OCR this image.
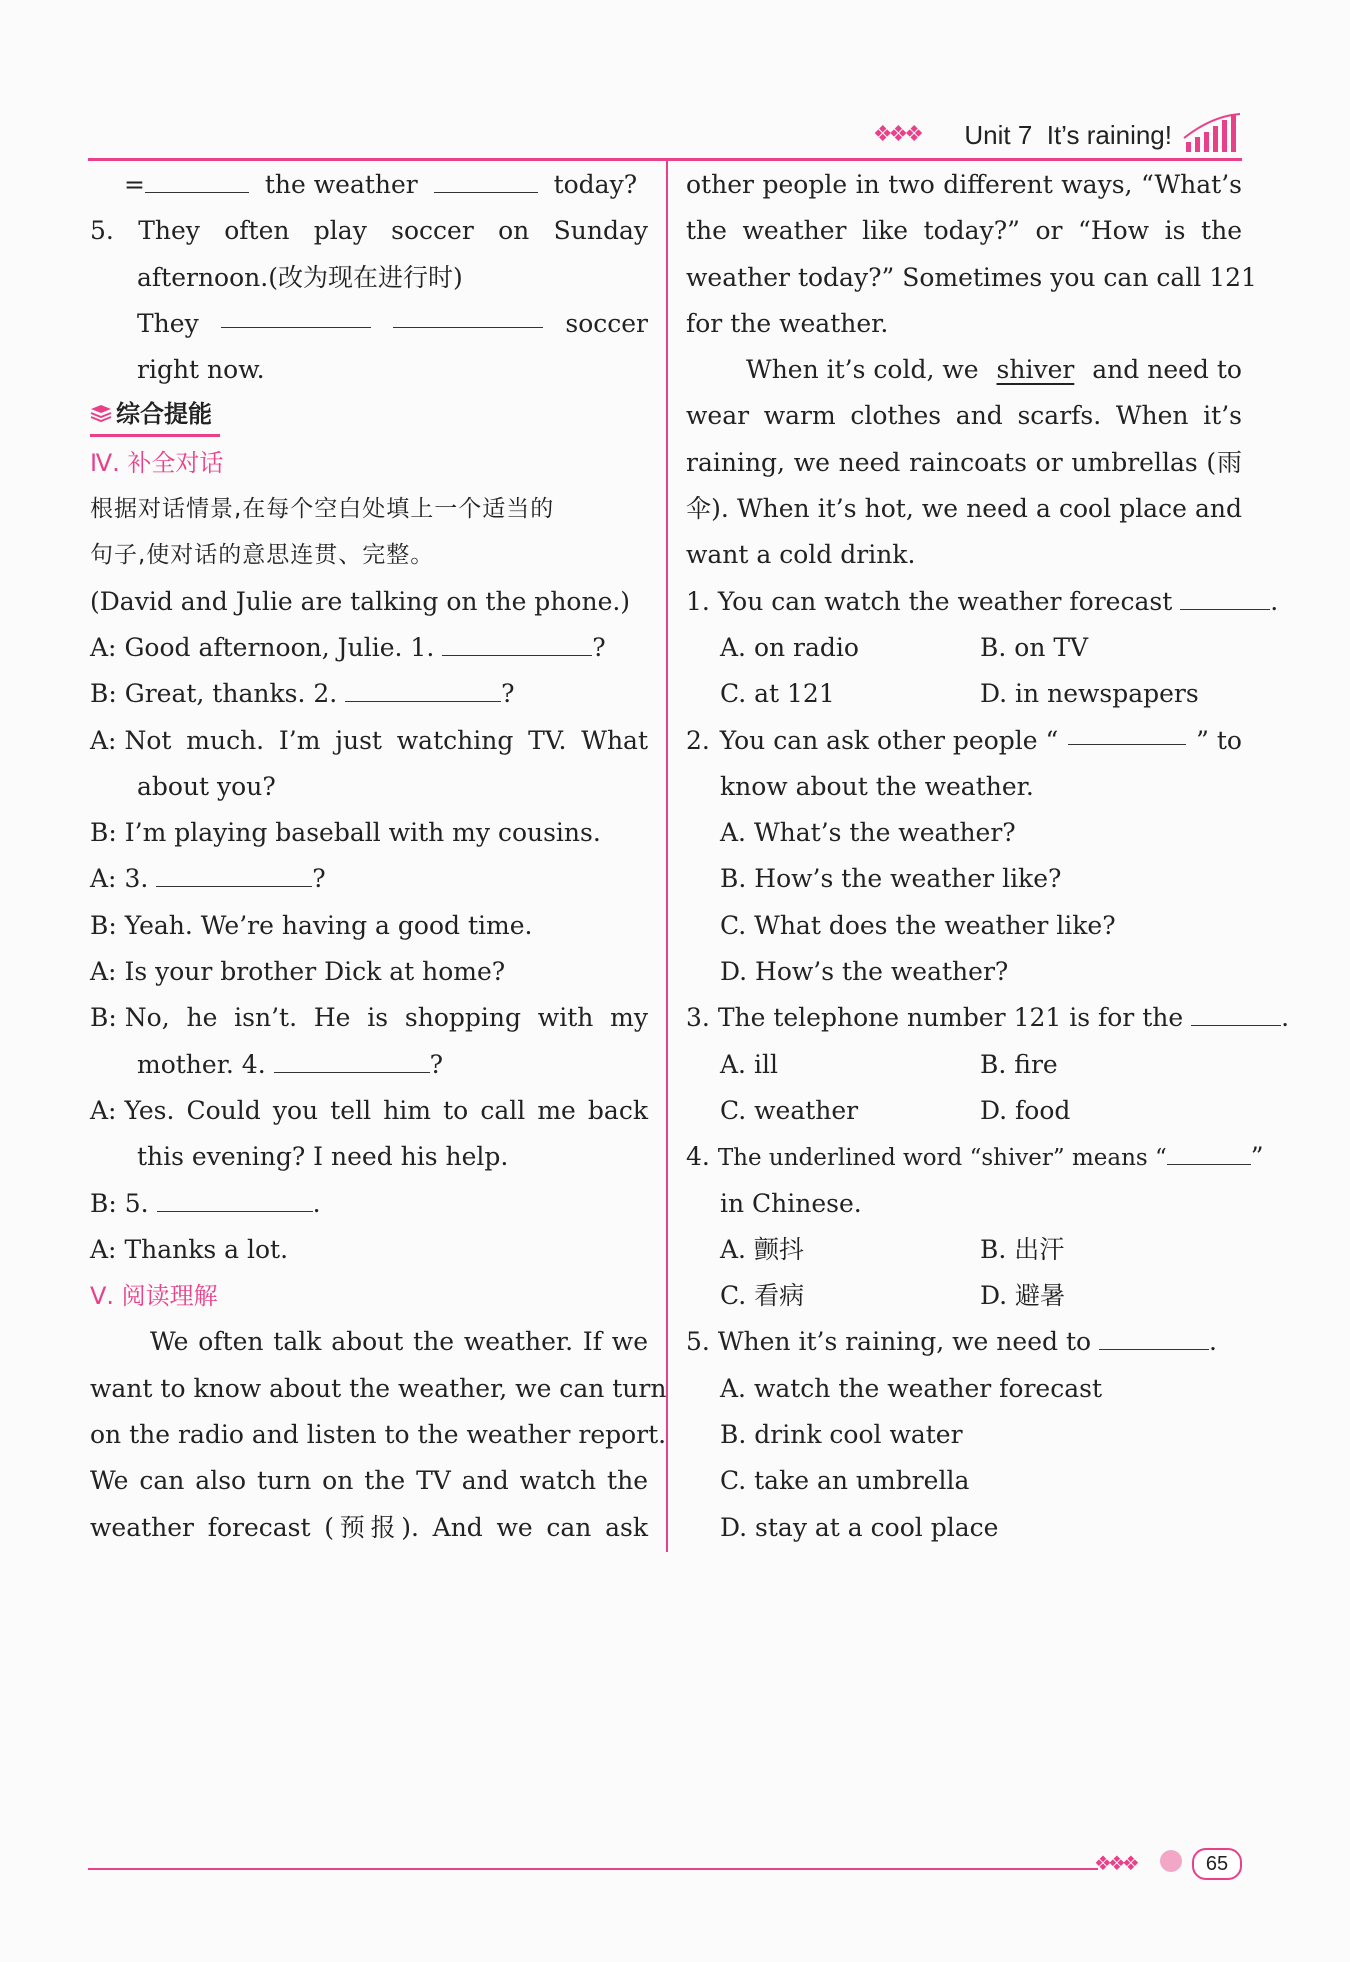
❖❖❖ Unit 7 It’s raining!
=	the weather	today?
5. They often play soccer on Sunday
afternoon.(改为现在进行时)
They	soccer
right now.
综合提能
Ⅳ. 补全对话
根据对话情景,在每个空白处填上一个适当的
句子,使对话的意思连贯、完整。
(David and Julie are talking on the phone.)
A: Good afternoon, Julie. 1.	?
B: Great, thanks. 2.	?
A: Not much. I’m just watching TV. What
about you?
B: I’m playing baseball with my cousins.
A: 3.	?
B: Yeah. We’re having a good time.
A: Is your brother Dick at home?
B: No, he isn’t. He is shopping with my
mother. 4.	?
A: Yes. Could you tell him to call me back
this evening? I need his help.
B: 5.	.
A: Thanks a lot.
Ⅴ. 阅读理解
We often talk about the weather. If we
want to know about the weather, we can turn
on the radio and listen to the weather report.
We can also turn on the TV and watch the
weather forecast (预报). And we can ask
other people in two different ways, “What’s
the weather like today?” or “How is the
weather today?” Sometimes you can call 121
for the weather.
When it’s cold, we shiver and need to
wear warm clothes and scarfs. When it’s
raining, we need raincoats or umbrellas (雨
伞). When it’s hot, we need a cool place and
want a cold drink.
1. You can watch the weather forecast	.
A. on radio	B. on TV
C. at 121	D. in newspapers
2. You can ask other people “	” to
know about the weather.
A. What’s the weather?
B. How’s the weather like?
C. What does the weather like?
D. How’s the weather?
3. The telephone number 121 is for the	.
A. ill	B. fire
C. weather	D. food
4. The underlined word “shiver” means “	”
in Chinese.
A. 颤抖	B. 出汗
C. 看病	D. 避暑
5. When it’s raining, we need to	.
A. watch the weather forecast
B. drink cool water
C. take an umbrella
D. stay at a cool place
❖❖❖	65
